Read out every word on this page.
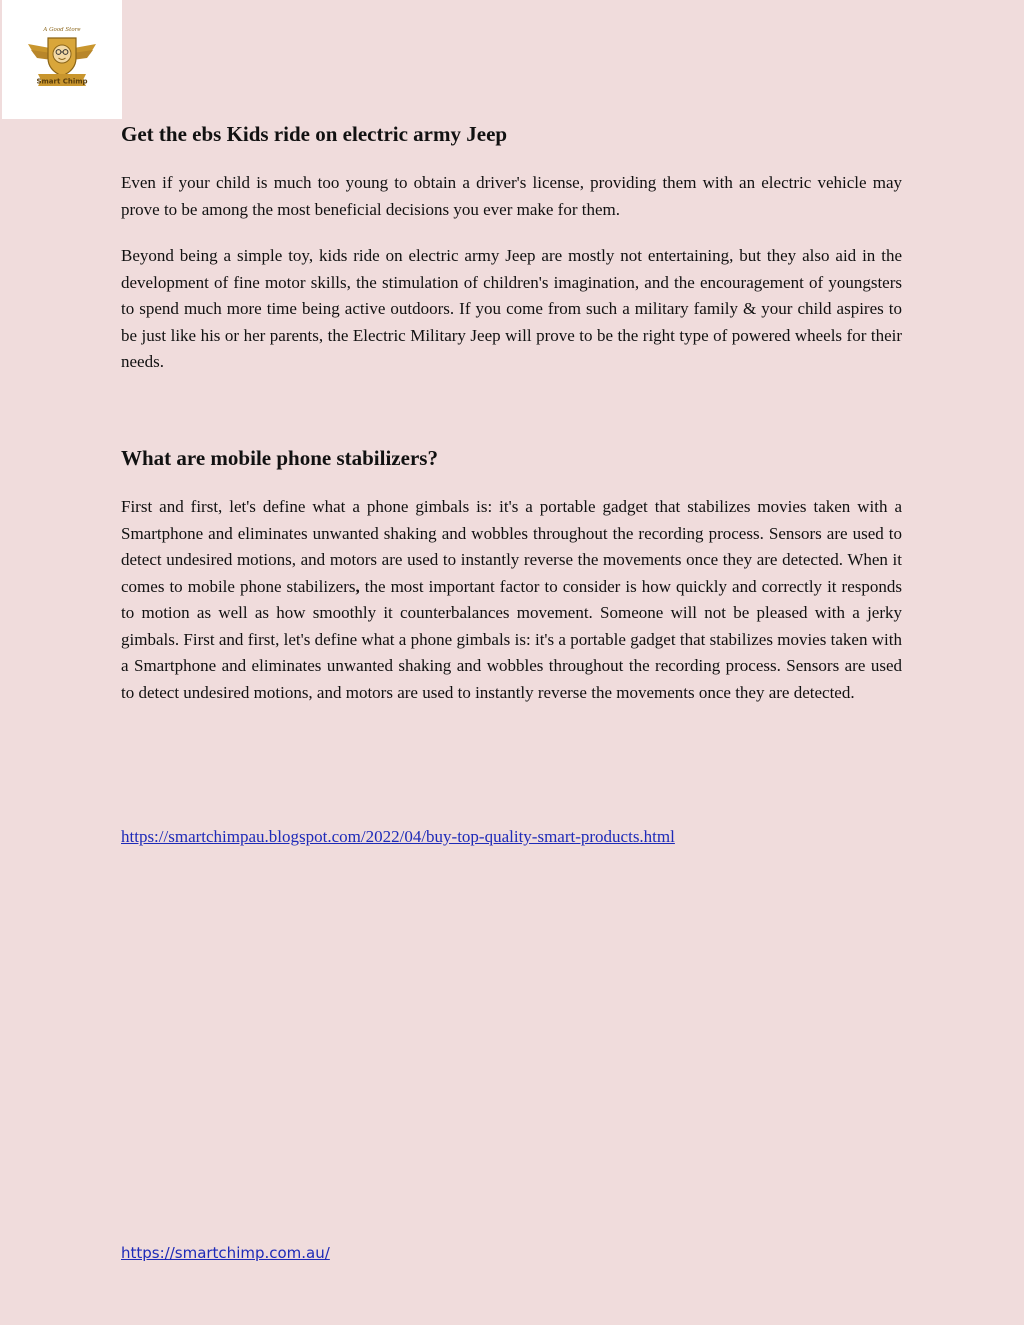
A Good Store
Smart Chimp
Get the ebs Kids ride on electric army Jeep

Even if your child is much too young to obtain a driver's license, providing them with an electric vehicle may prove to be among the most beneficial decisions you ever make for them.

Beyond being a simple toy, kids ride on electric army Jeep are mostly not entertaining, but they also aid in the development of fine motor skills, the stimulation of children's imagination, and the encouragement of youngsters to spend much more time being active outdoors. If you come from such a military family & your child aspires to be just like his or her parents, the Electric Military Jeep will prove to be the right type of powered wheels for their needs.

What are mobile phone stabilizers?

First and first, let's define what a phone gimbals is: it's a portable gadget that stabilizes movies taken with a Smartphone and eliminates unwanted shaking and wobbles throughout the recording process. Sensors are used to detect undesired motions, and motors are used to instantly reverse the movements once they are detected. When it comes to mobile phone stabilizers, the most important factor to consider is how quickly and correctly it responds to motion as well as how smoothly it counterbalances movement. Someone will not be pleased with a jerky gimbals. First and first, let's define what a phone gimbals is: it's a portable gadget that stabilizes movies taken with a Smartphone and eliminates unwanted shaking and wobbles throughout the recording process. Sensors are used to detect undesired motions, and motors are used to instantly reverse the movements once they are detected.

https://smartchimpau.blogspot.com/2022/04/buy-top-quality-smart-products.html
https://smartchimp.com.au/
